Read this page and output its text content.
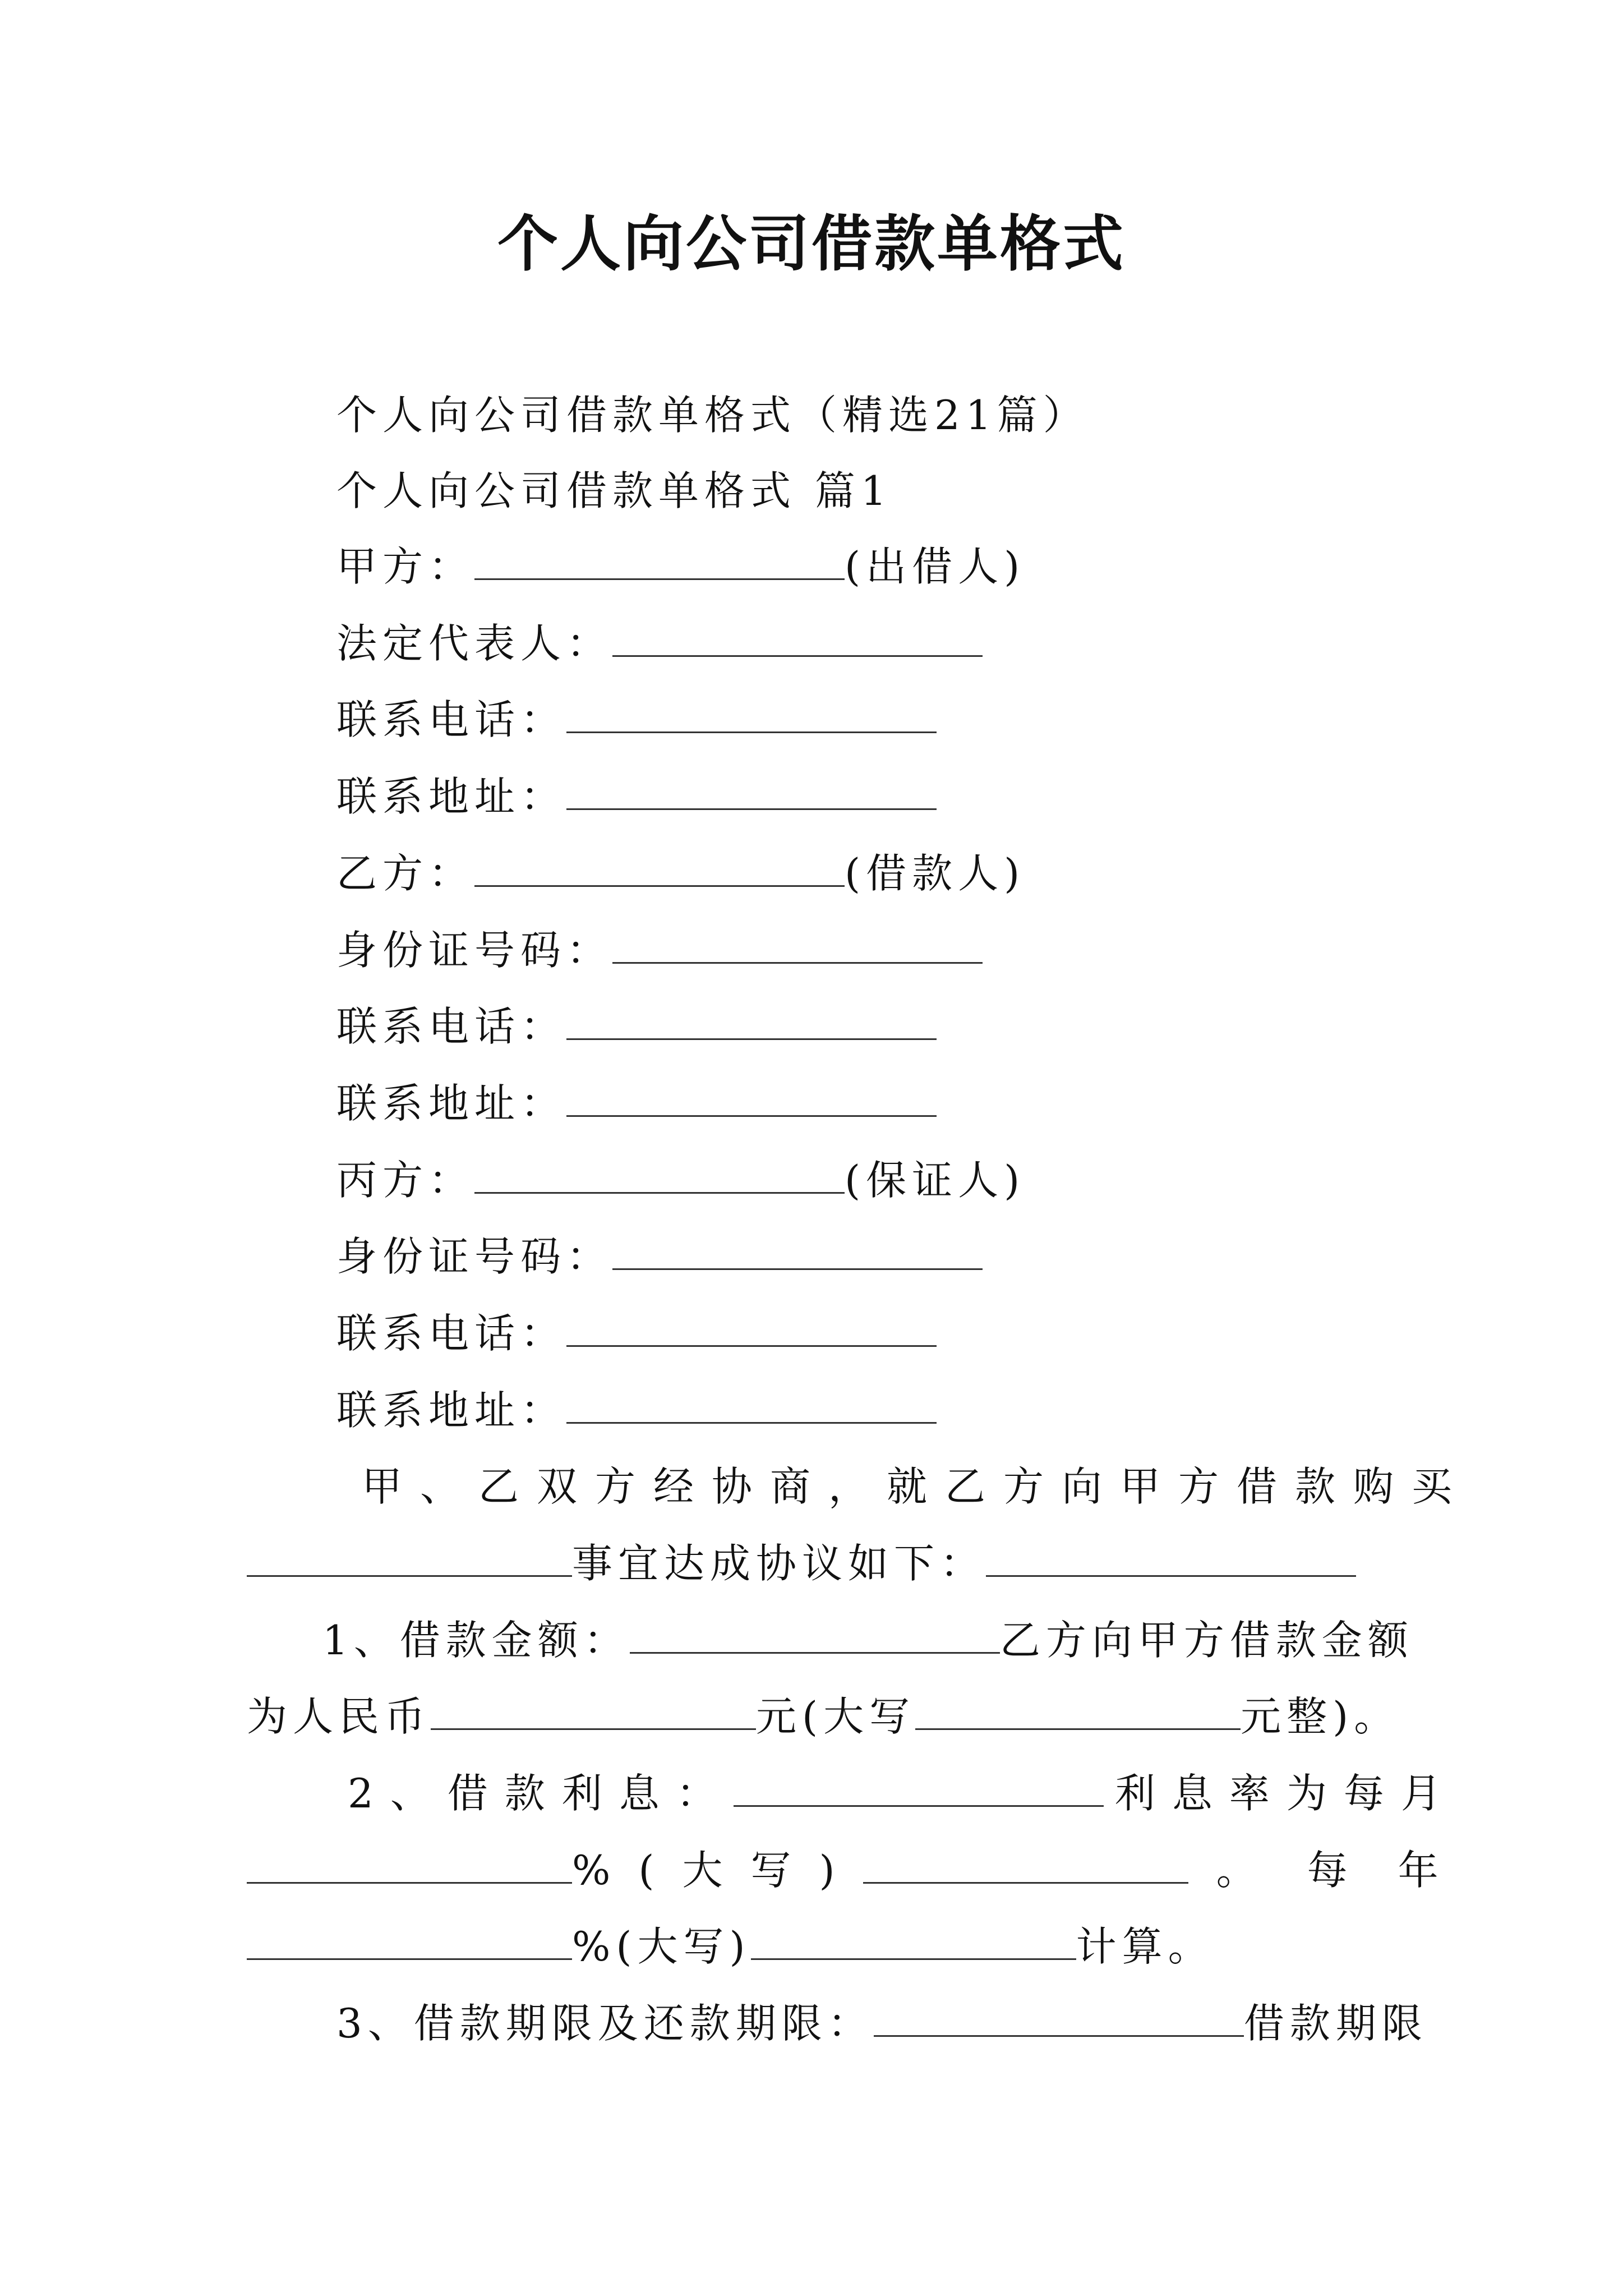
个人向公司借款单格式
个人向公司借款单格式（精选21篇）
个人向公司借款单格式 篇1
甲方：	(出借人)
法定代表人：
联系电话：
联系地址：
乙方：	(借款人)
身份证号码：
联系电话：
联系地址：
丙方：	(保证人)
身份证号码：
联系电话：
联系地址：
甲、乙双方经协商，就乙方向甲方借款购买
事宜达成协议如下：
1、借款金额：	乙方向甲方借款金额
为人民币	元(大写	元整)。
2、借款利息：	利息率为每月
%(大写)	。每年
%(大写)	计算。
3、借款期限及还款期限：	借款期限
